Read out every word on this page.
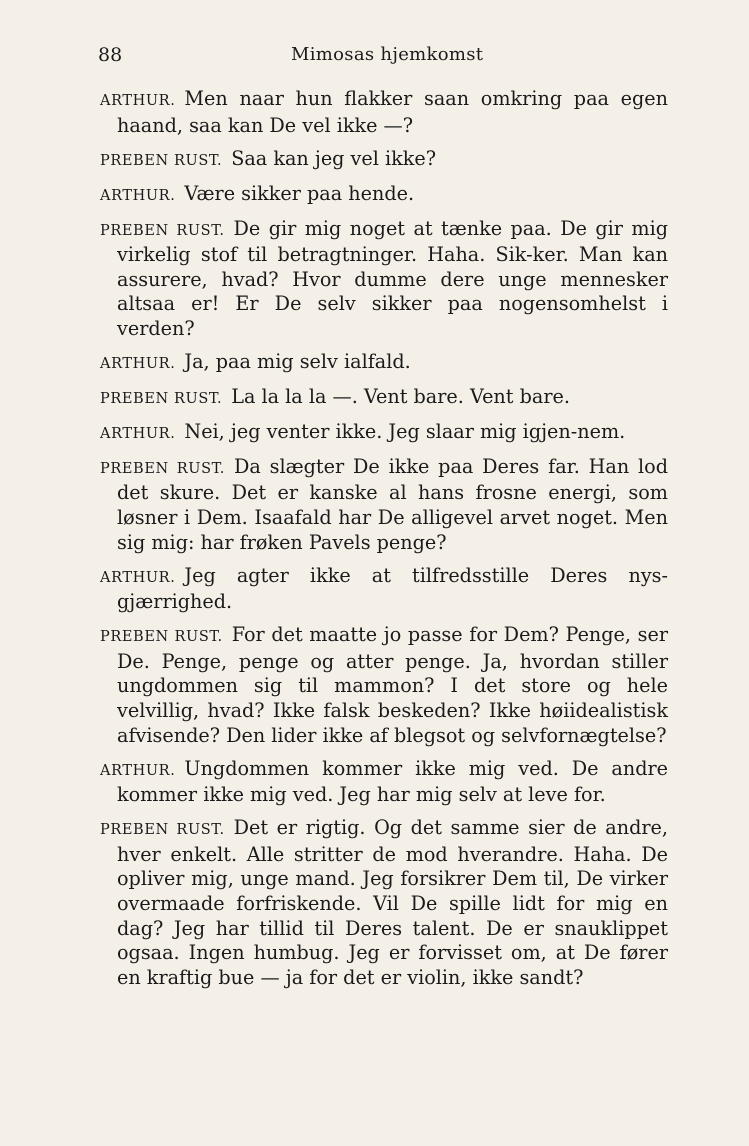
88	Mimosas hjemkomst

ARTHUR. Men naar hun flakker saan omkring paa egen haand, saa kan De vel ikke —?

PREBEN RUST. Saa kan jeg vel ikke?

ARTHUR. Være sikker paa hende.

PREBEN RUST. De gir mig noget at tænke paa. De gir mig virkelig stof til betragtninger. Haha. Sik-ker. Man kan assurere, hvad? Hvor dumme dere unge mennesker altsaa er! Er De selv sikker paa nogensomhelst i verden?

ARTHUR. Ja, paa mig selv ialfald.

PREBEN RUST. La la la la —. Vent bare. Vent bare.

ARTHUR. Nei, jeg venter ikke. Jeg slaar mig igjen-nem.

PREBEN RUST. Da slægter De ikke paa Deres far. Han lod det skure. Det er kanske al hans frosne energi, som løsner i Dem. Isaafald har De alligevel arvet noget. Men sig mig: har frøken Pavels penge?

ARTHUR. Jeg agter ikke at tilfredsstille Deres nys-gjærrighed.

PREBEN RUST. For det maatte jo passe for Dem? Penge, ser De. Penge, penge og atter penge. Ja, hvordan stiller ungdommen sig til mammon? I det store og hele velvillig, hvad? Ikke falsk beskeden? Ikke høiidealistisk afvisende? Den lider ikke af blegsot og selvfornægtelse?

ARTHUR. Ungdommen kommer ikke mig ved. De andre kommer ikke mig ved. Jeg har mig selv at leve for.

PREBEN RUST. Det er rigtig. Og det samme sier de andre, hver enkelt. Alle stritter de mod hverandre. Haha. De opliver mig, unge mand. Jeg forsikrer Dem til, De virker overmaade forfriskende. Vil De spille lidt for mig en dag? Jeg har tillid til Deres talent. De er snauklippet ogsaa. Ingen humbug. Jeg er forvisset om, at De fører en kraftig bue — ja for det er violin, ikke sandt?
